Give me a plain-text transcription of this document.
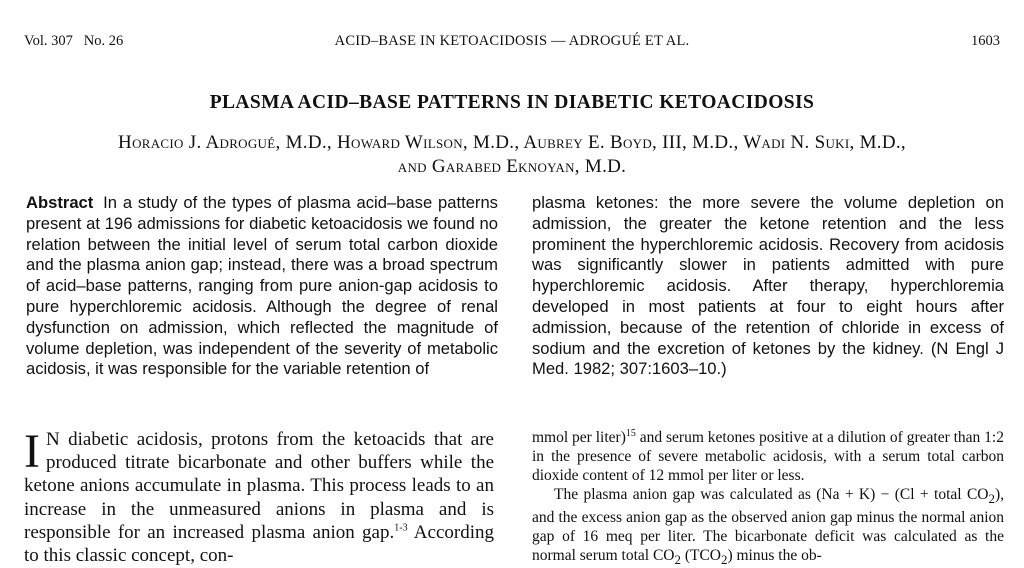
Vol. 307   No. 26	ACID–BASE IN KETOACIDOSIS — ADROGUÉ ET AL.	1603
PLASMA ACID–BASE PATTERNS IN DIABETIC KETOACIDOSIS
Horacio J. Adrogué, M.D., Howard Wilson, M.D., Aubrey E. Boyd, III, M.D., Wadi N. Suki, M.D.,
and Garabed Eknoyan, M.D.
Abstract In a study of the types of plasma acid–base patterns present at 196 admissions for diabetic ketoacidosis we found no relation between the initial level of serum total carbon dioxide and the plasma anion gap; instead, there was a broad spectrum of acid–base patterns, ranging from pure anion-gap acidosis to pure hyperchloremic acidosis. Although the degree of renal dysfunction on admission, which reflected the magnitude of volume depletion, was independent of the severity of metabolic acidosis, it was responsible for the variable retention of
plasma ketones: the more severe the volume depletion on admission, the greater the ketone retention and the less prominent the hyperchloremic acidosis. Recovery from acidosis was significantly slower in patients admitted with pure hyperchloremic acidosis. After therapy, hyperchloremia developed in most patients at four to eight hours after admission, because of the retention of chloride in excess of sodium and the excretion of ketones by the kidney. (N Engl J Med. 1982; 307:1603–10.)

I N diabetic acidosis, protons from the ketoacids that are produced titrate bicarbonate and other buffers while the ketone anions accumulate in plasma. This process leads to an increase in the unmeasured anions in plasma and is responsible for an increased plasma anion gap.$^{1-3}$ According to this classic concept, con-

mmol per liter)$^{15}$ and serum ketones positive at a dilution of greater than 1:2 in the presence of severe metabolic acidosis, with a serum total carbon dioxide content of 12 mmol per liter or less.

The plasma anion gap was calculated as (Na + K) − (Cl + total $CO_2$), and the excess anion gap as the observed anion gap minus the normal anion gap of 16 meq per liter. The bicarbonate deficit was calculated as the normal serum total $CO_2$ $(TCO_2)$ minus the ob-
